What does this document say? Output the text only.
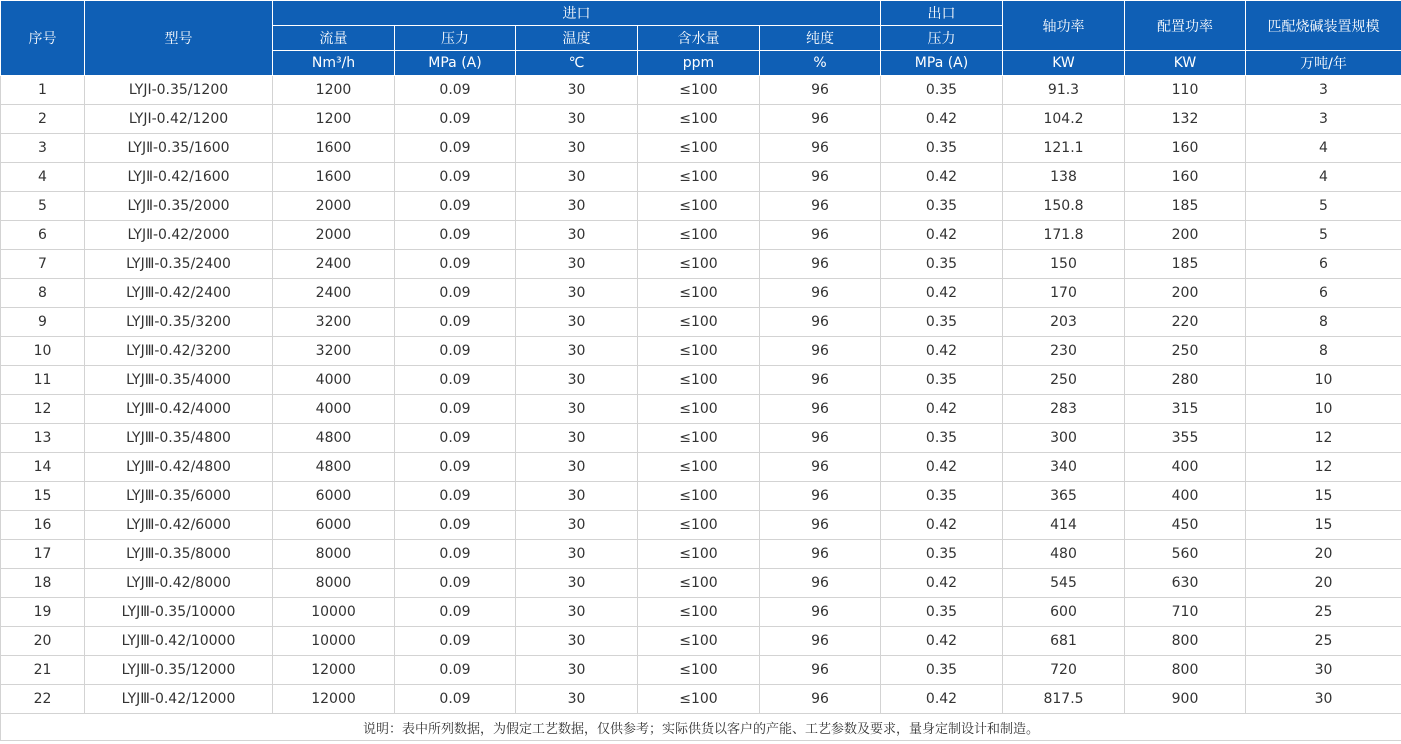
序号	型号	进口					出口	轴功率	配置功率	匹配烧碱装置规模
		流量	压力	温度	含水量	纯度	压力			
		Nm³/h	MPa (A)	℃	ppm	%	MPa (A)	KW	KW	万吨/年
1	LYJⅠ-0.35/1200	1200	0.09	30	≤100	96	0.35	91.3	110	3
2	LYJⅠ-0.42/1200	1200	0.09	30	≤100	96	0.42	104.2	132	3
3	LYJⅡ-0.35/1600	1600	0.09	30	≤100	96	0.35	121.1	160	4
4	LYJⅡ-0.42/1600	1600	0.09	30	≤100	96	0.42	138	160	4
5	LYJⅡ-0.35/2000	2000	0.09	30	≤100	96	0.35	150.8	185	5
6	LYJⅡ-0.42/2000	2000	0.09	30	≤100	96	0.42	171.8	200	5
7	LYJⅢ-0.35/2400	2400	0.09	30	≤100	96	0.35	150	185	6
8	LYJⅢ-0.42/2400	2400	0.09	30	≤100	96	0.42	170	200	6
9	LYJⅢ-0.35/3200	3200	0.09	30	≤100	96	0.35	203	220	8
10	LYJⅢ-0.42/3200	3200	0.09	30	≤100	96	0.42	230	250	8
11	LYJⅢ-0.35/4000	4000	0.09	30	≤100	96	0.35	250	280	10
12	LYJⅢ-0.42/4000	4000	0.09	30	≤100	96	0.42	283	315	10
13	LYJⅢ-0.35/4800	4800	0.09	30	≤100	96	0.35	300	355	12
14	LYJⅢ-0.42/4800	4800	0.09	30	≤100	96	0.42	340	400	12
15	LYJⅢ-0.35/6000	6000	0.09	30	≤100	96	0.35	365	400	15
16	LYJⅢ-0.42/6000	6000	0.09	30	≤100	96	0.42	414	450	15
17	LYJⅢ-0.35/8000	8000	0.09	30	≤100	96	0.35	480	560	20
18	LYJⅢ-0.42/8000	8000	0.09	30	≤100	96	0.42	545	630	20
19	LYJⅢ-0.35/10000	10000	0.09	30	≤100	96	0.35	600	710	25
20	LYJⅢ-0.42/10000	10000	0.09	30	≤100	96	0.42	681	800	25
21	LYJⅢ-0.35/12000	12000	0.09	30	≤100	96	0.35	720	800	30
22	LYJⅢ-0.42/12000	12000	0.09	30	≤100	96	0.42	817.5	900	30
说明：表中所列数据，为假定工艺数据，仅供参考；实际供货以客户的产能、工艺参数及要求，量身定制设计和制造。										
